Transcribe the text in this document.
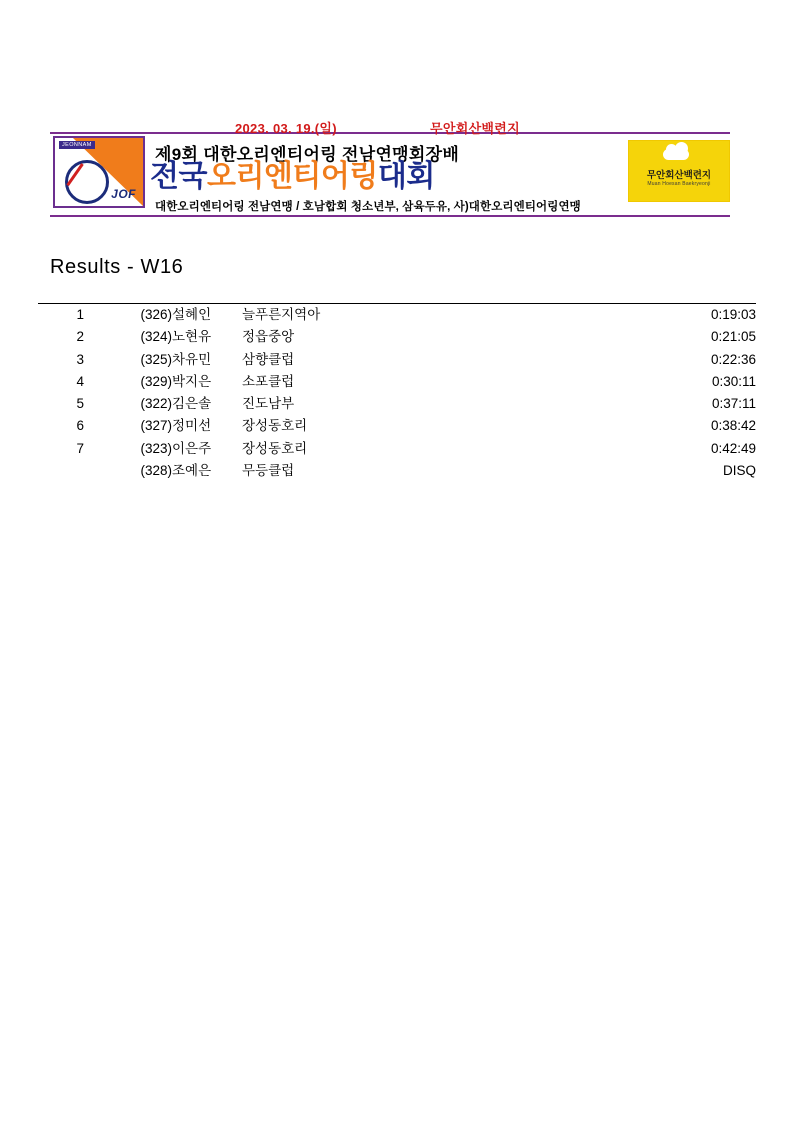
JEONNAM
JOF
2023. 03. 19.(일)	무안회산백련지
제9회 대한오리엔티어링 전남연맹회장배
전국오리엔티어링대회
대한오리엔티어링 전남연맹 / 호남합회 청소년부, 삼육두유, 사)대한오리엔티어링연맹
무안회산백련지
Muan Hoesan Baekryeonji
Results - W16
1	(326)	설혜인	늘푸른지역아	0:19:03
2	(324)	노현유	정읍중앙	0:21:05
3	(325)	차유민	삼향클럽	0:22:36
4	(329)	박지은	소포클럽	0:30:11
5	(322)	김은솔	진도남부	0:37:11
6	(327)	정미선	장성동호리	0:38:42
7	(323)	이은주	장성동호리	0:42:49
	(328)	조예은	무등클럽	DISQ
